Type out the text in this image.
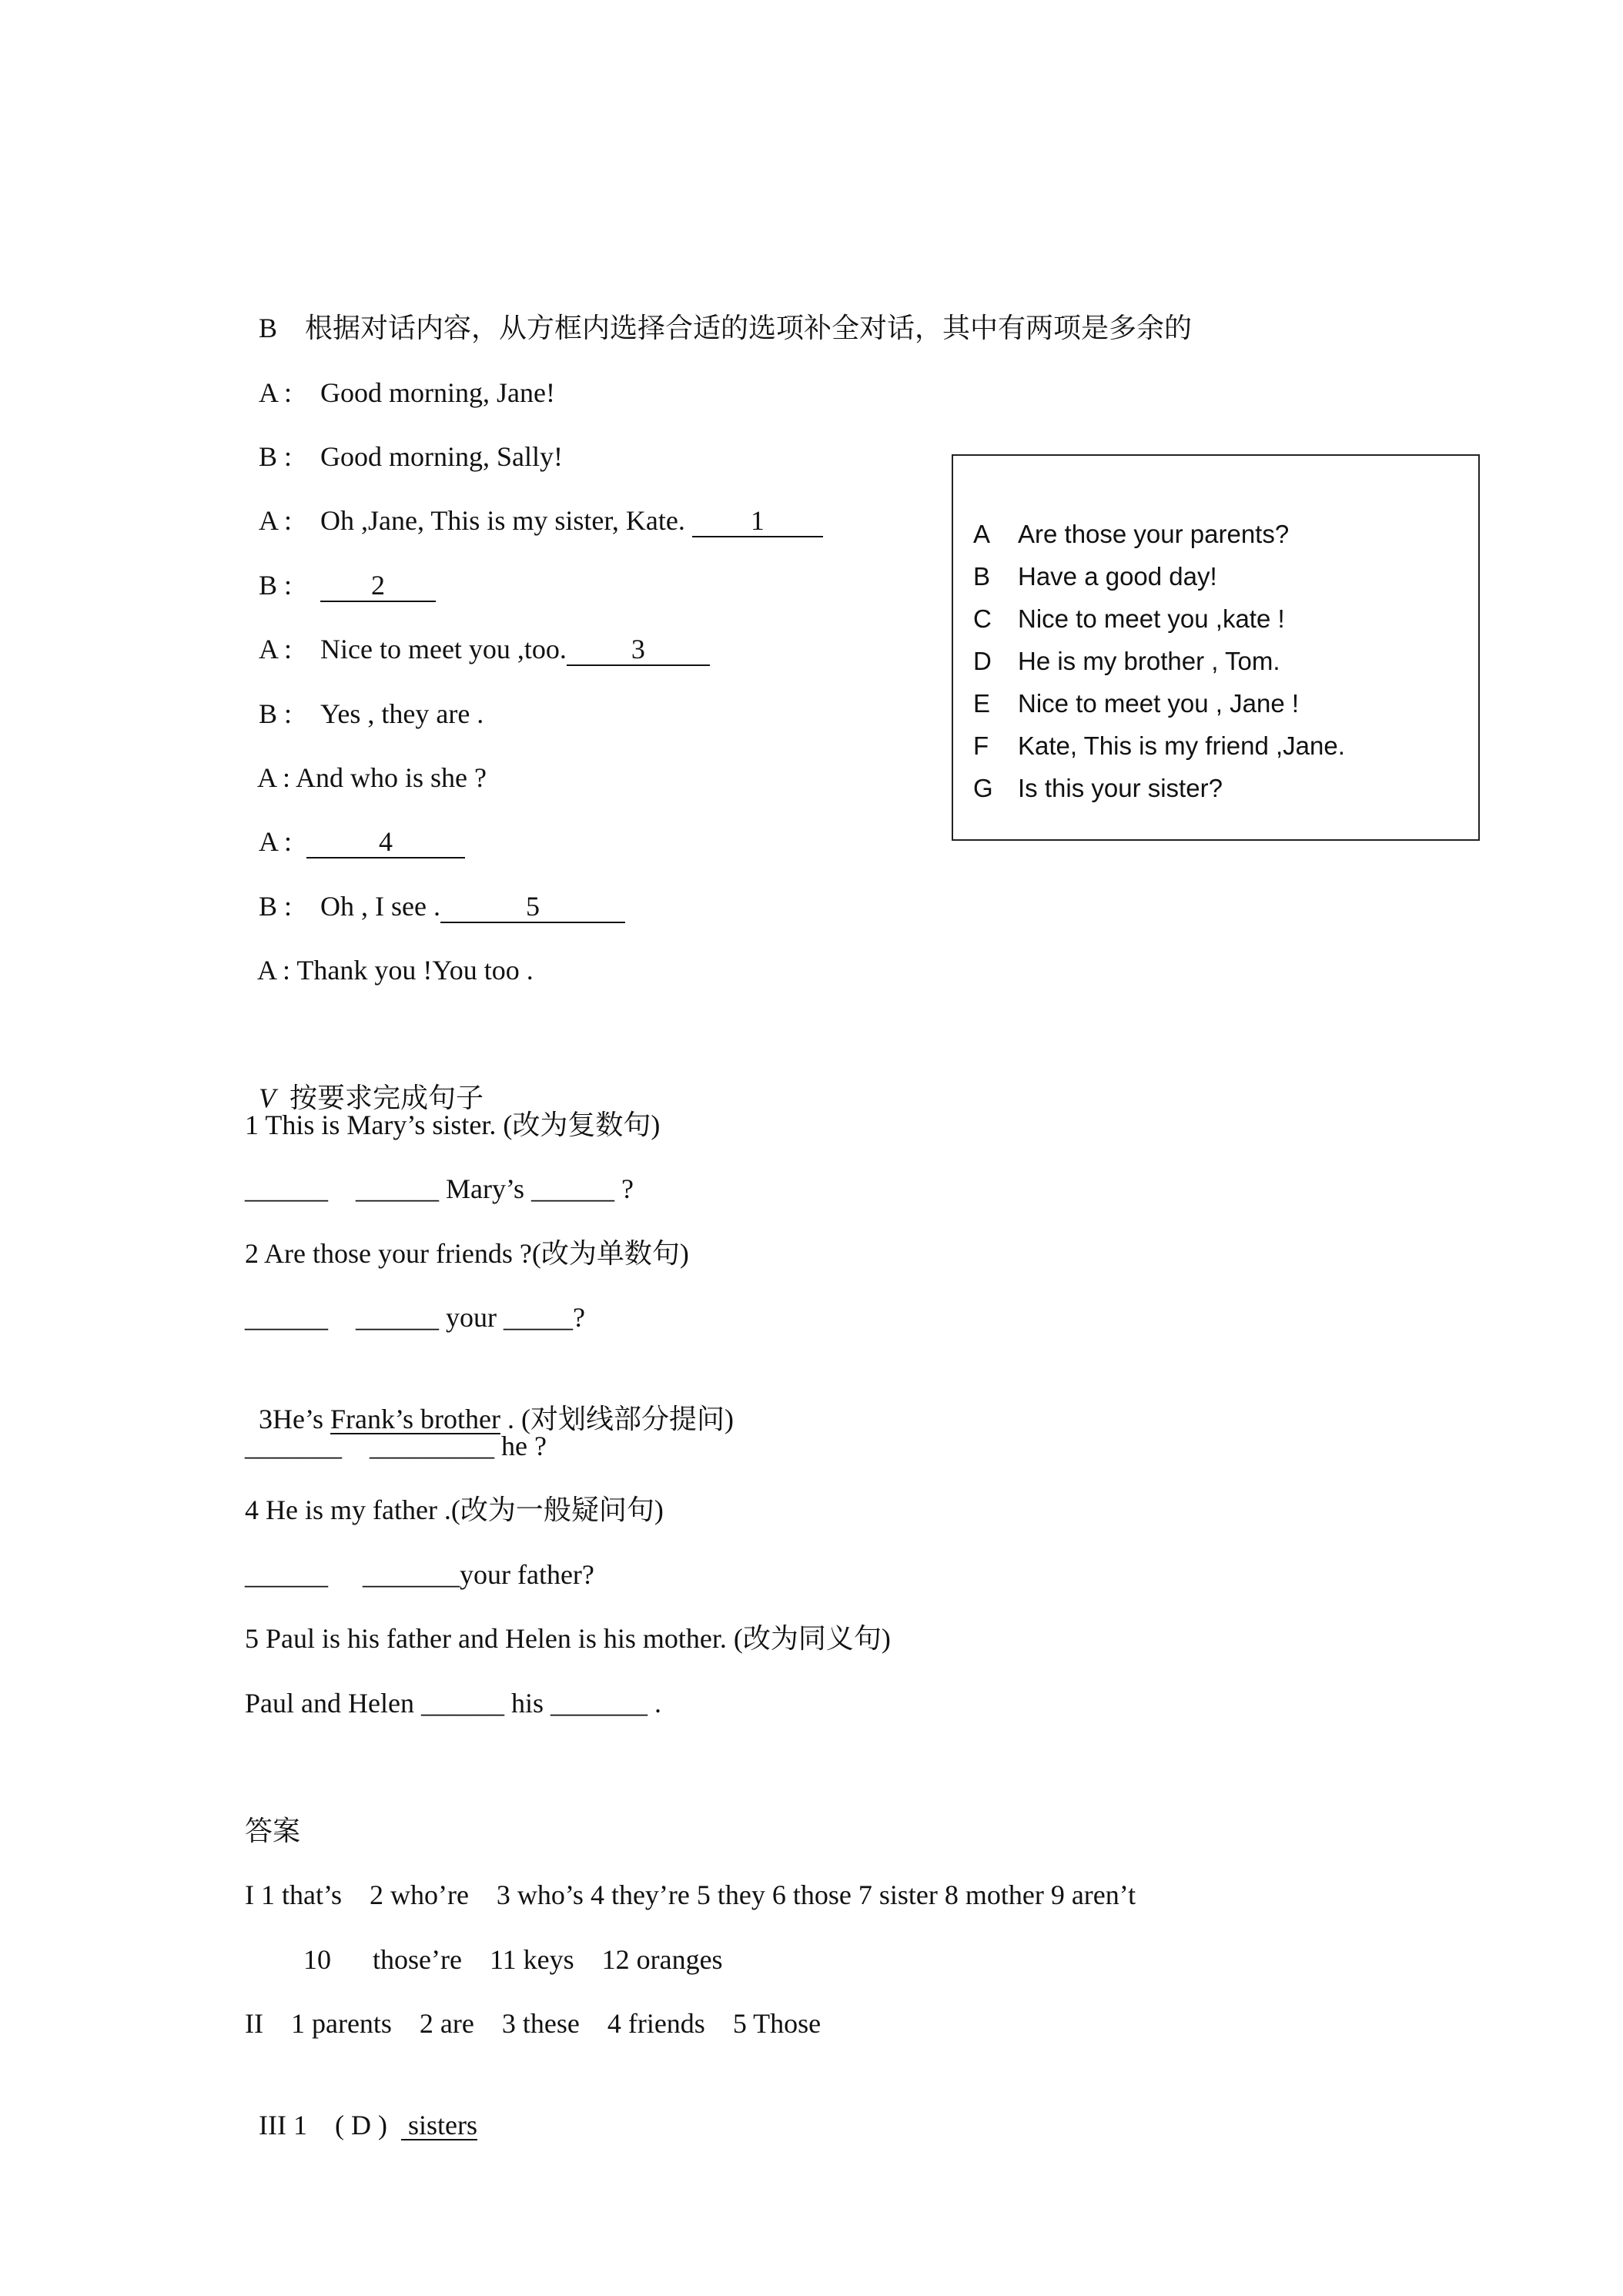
B 根据对话内容，从方框内选择合适的选项补全对话，其中有两项是多余的

A : Good morning, Jane!

B : Good morning, Sally!

A : Oh ,Jane, This is my sister, Kate. 1

B :	2

A : Nice to meet you ,too. 3

B : Yes , they are .

A : And who is she ?

A :	4

B : Oh , I see .	5

A : Thank you !You too .

A Are those your parents?
B Have a good day!
C Nice to meet you ,kate !
D He is my brother , Tom.
E Nice to meet you , Jane !
F Kate, This is my friend ,Jane.
G Is this your sister?

V 按要求完成句子

1 This is Mary’s sister. (改为复数句)
______    ______ Mary’s ______ ?
2 Are those your friends ?(改为单数句)
______    ______ your _____?

3He’s Frank’s brother . (对划线部分提问)

_______    _________ he ?
4 He is my father .(改为一般疑问句)
______     _______your father?
5 Paul is his father and Helen is his mother. (改为同义句)
Paul and Helen ______ his _______ .
答案
I 1 that’s    2 who’re    3 who’s 4 they’re 5 they 6 those 7 sister 8 mother 9 aren’t
10      those’re    11 keys    12 oranges
II    1 parents    2 are    3 these    4 friends    5 Those

III 1    ( D )   sisters
